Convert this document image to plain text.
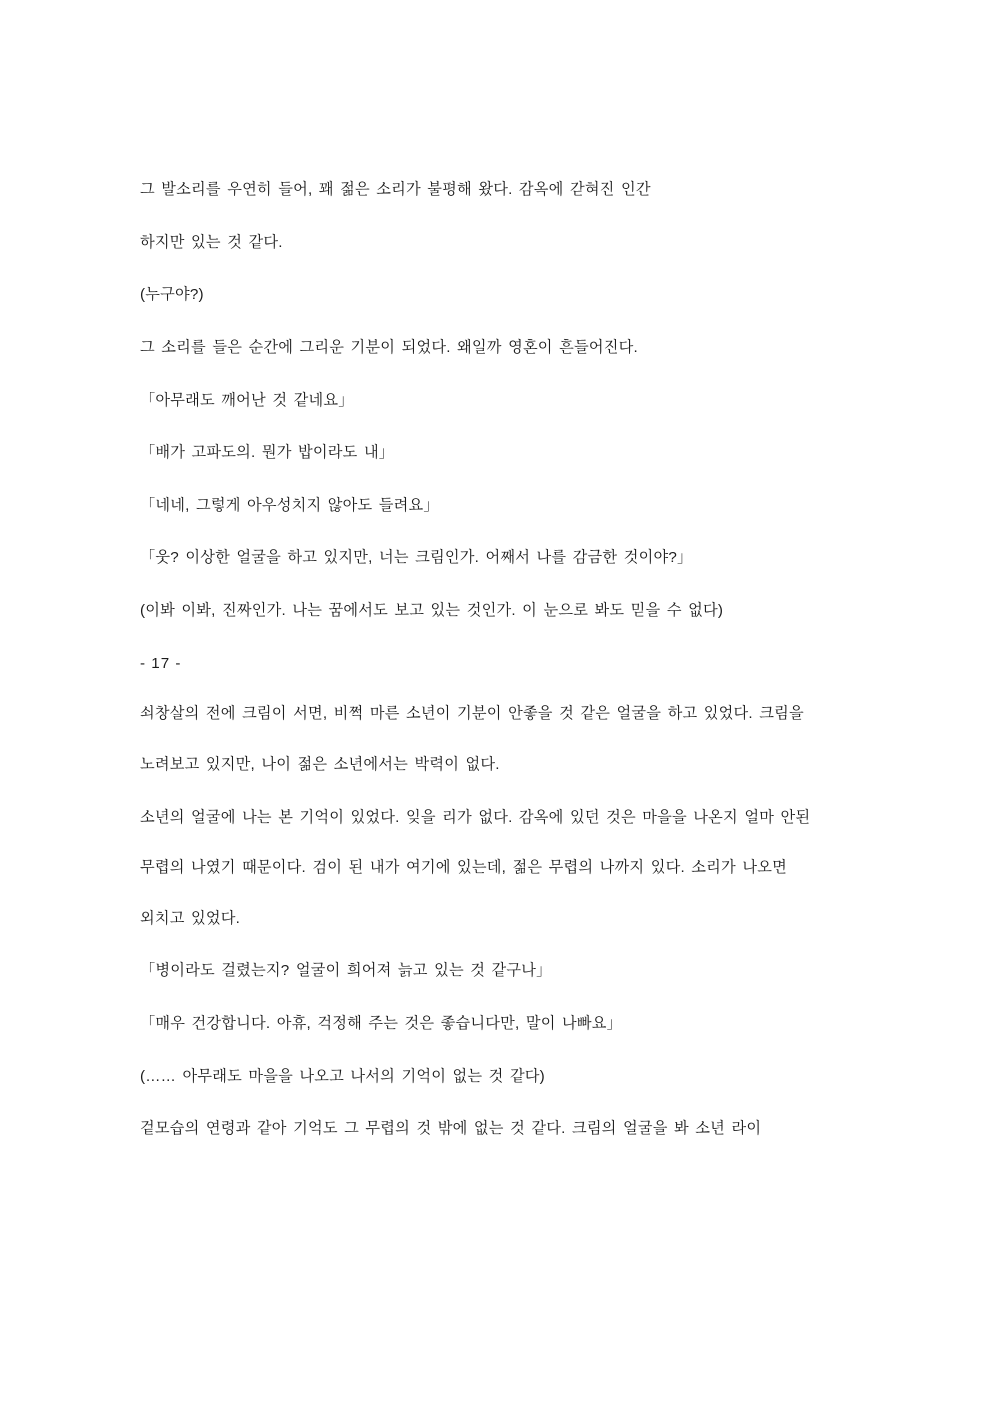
그 발소리를 우연히 들어, 꽤 젊은 소리가 불평해 왔다. 감옥에 갇혀진 인간

하지만 있는 것 같다.

(누구야?)

그 소리를 들은 순간에 그리운 기분이 되었다. 왜일까 영혼이 흔들어진다.

「아무래도 깨어난 것 같네요」

「배가 고파도의. 뭔가 밥이라도 내」

「네네, 그렇게 아우성치지 않아도 들려요」

「웃? 이상한 얼굴을 하고 있지만, 너는 크림인가. 어째서 나를 감금한 것이야?」

(이봐 이봐, 진짜인가. 나는 꿈에서도 보고 있는 것인가. 이 눈으로 봐도 믿을 수 없다)

- 17 -

쇠창살의 전에 크림이 서면, 비쩍 마른 소년이 기분이 안좋을 것 같은 얼굴을 하고 있었다. 크림을

노려보고 있지만, 나이 젊은 소년에서는 박력이 없다.

소년의 얼굴에 나는 본 기억이 있었다. 잊을 리가 없다. 감옥에 있던 것은 마을을 나온지 얼마 안된

무렵의 나였기 때문이다. 검이 된 내가 여기에 있는데, 젊은 무렵의 나까지 있다. 소리가 나오면

외치고 있었다.

「병이라도 걸렸는지? 얼굴이 희어져 늙고 있는 것 같구나」

「매우 건강합니다. 아휴, 걱정해 주는 것은 좋습니다만, 말이 나빠요」

(…… 아무래도 마을을 나오고 나서의 기억이 없는 것 같다)

겉모습의 연령과 같아 기억도 그 무렵의 것 밖에 없는 것 같다. 크림의 얼굴을 봐 소년 라이
